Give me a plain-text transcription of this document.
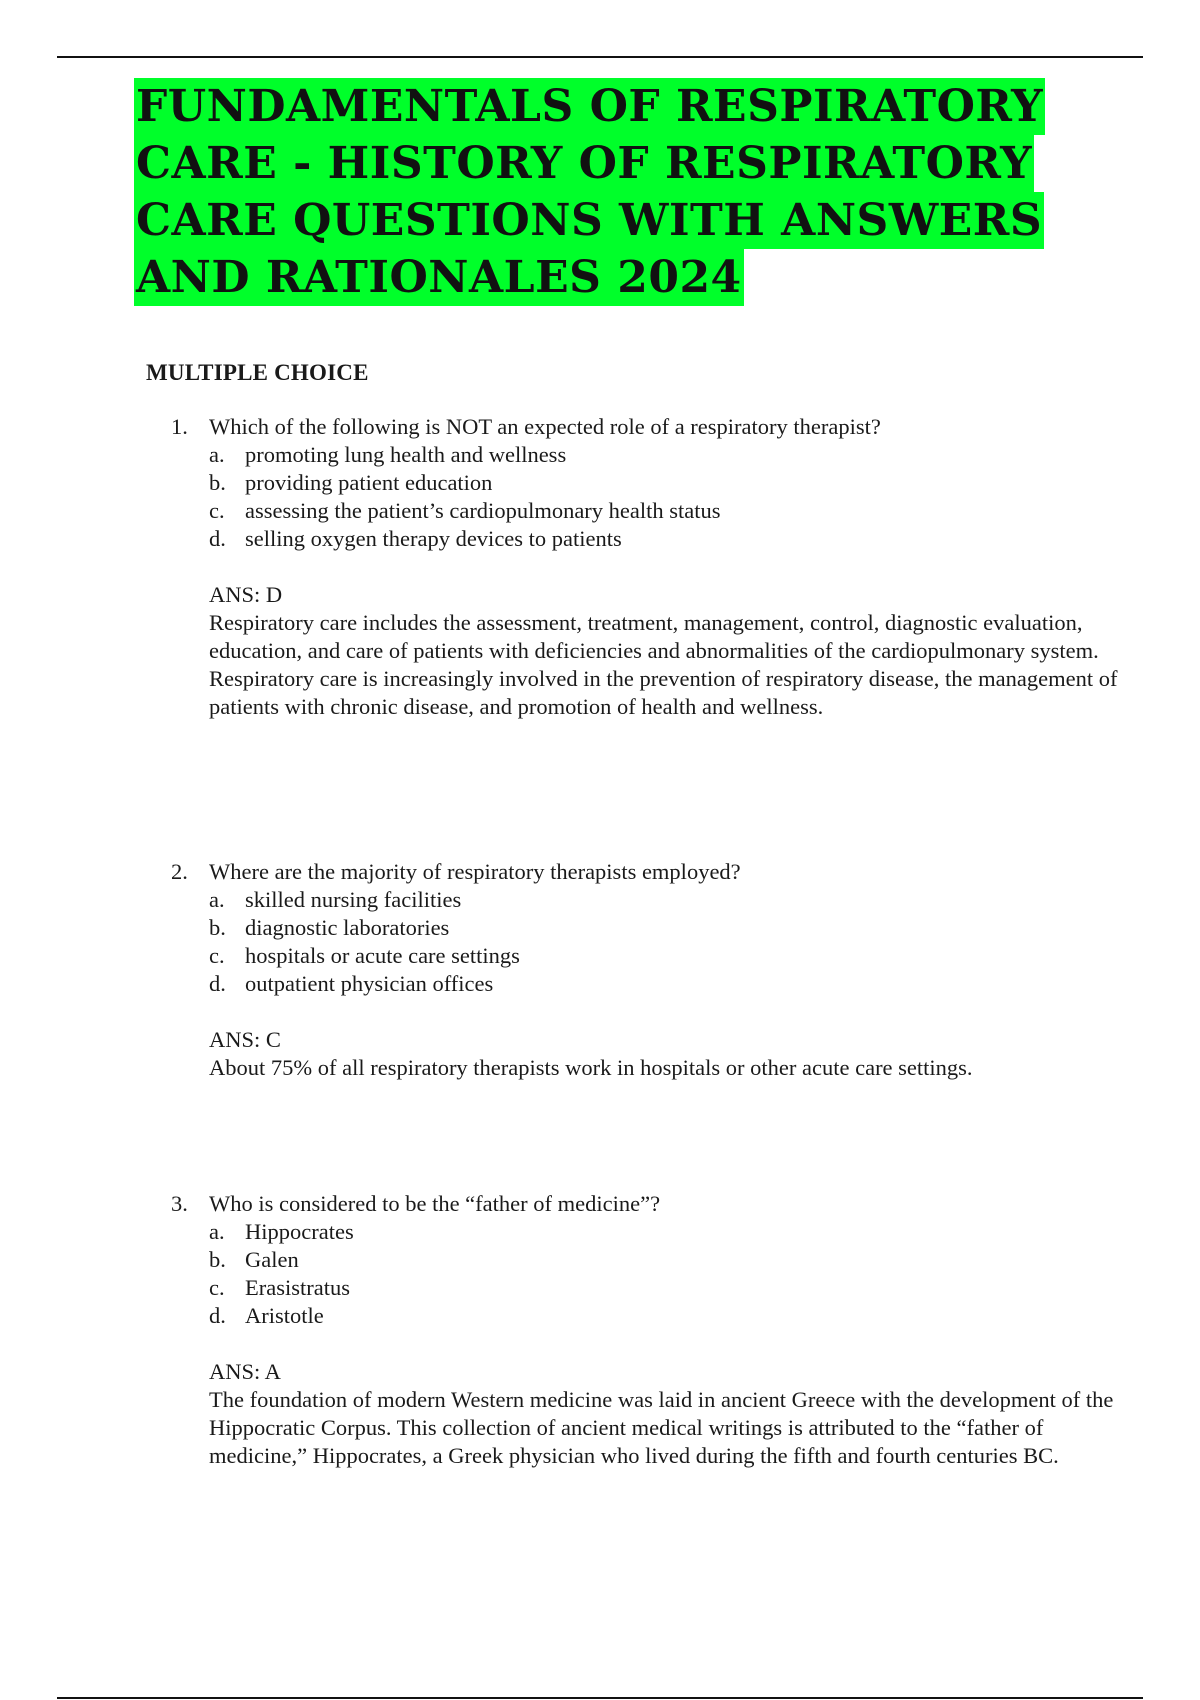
FUNDAMENTALS OF RESPIRATORY
CARE - HISTORY OF RESPIRATORY
CARE QUESTIONS WITH ANSWERS
AND RATIONALES 2024
MULTIPLE CHOICE
1. Which of the following is NOT an expected role of a respiratory therapist?
a. promoting lung health and wellness
b. providing patient education
c. assessing the patient’s cardiopulmonary health status
d. selling oxygen therapy devices to patients
ANS: D
Respiratory care includes the assessment, treatment, management, control, diagnostic evaluation, education, and care of patients with deficiencies and abnormalities of the cardiopulmonary system. Respiratory care is increasingly involved in the prevention of respiratory disease, the management of patients with chronic disease, and promotion of health and wellness.
2. Where are the majority of respiratory therapists employed?
a. skilled nursing facilities
b. diagnostic laboratories
c. hospitals or acute care settings
d. outpatient physician offices
ANS: C
About 75% of all respiratory therapists work in hospitals or other acute care settings.
3. Who is considered to be the “father of medicine”?
a. Hippocrates
b. Galen
c. Erasistratus
d. Aristotle
ANS: A
The foundation of modern Western medicine was laid in ancient Greece with the development of the Hippocratic Corpus. This collection of ancient medical writings is attributed to the “father of medicine,” Hippocrates, a Greek physician who lived during the fifth and fourth centuries BC.
